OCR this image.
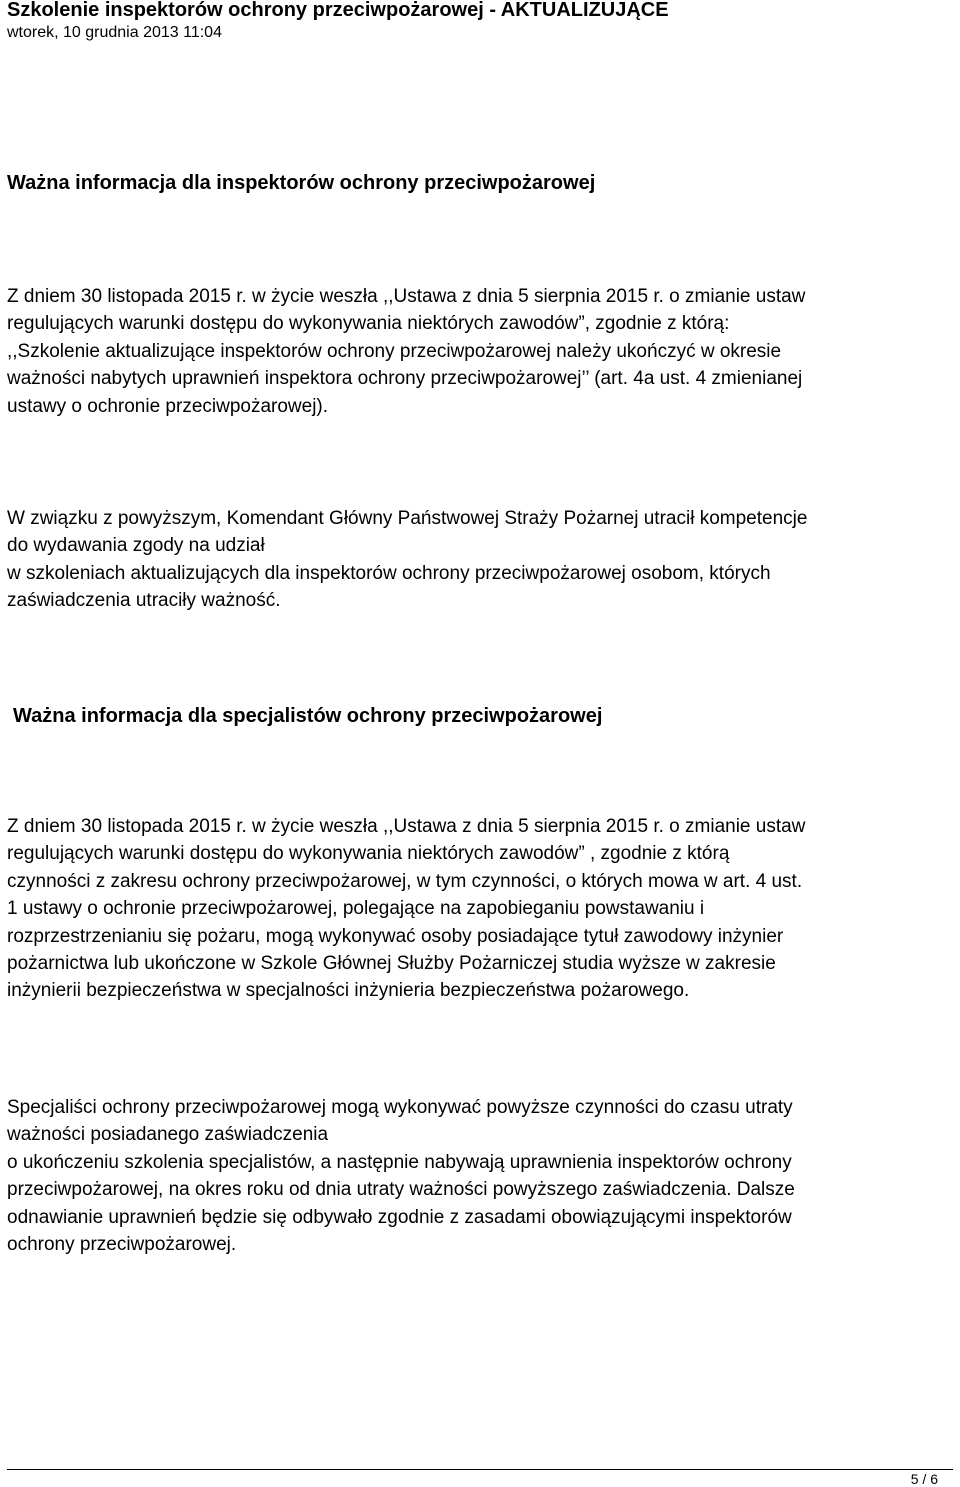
Szkolenie inspektorów ochrony przeciwpożarowej - AKTUALIZUJĄCE
wtorek, 10 grudnia 2013 11:04
Ważna informacja dla inspektorów ochrony przeciwpożarowej
Z dniem 30 listopada 2015 r. w życie weszła ,,Ustawa z dnia 5 sierpnia 2015 r. o zmianie ustaw
regulujących warunki dostępu do wykonywania niektórych zawodów”, zgodnie z którą:
,,Szkolenie aktualizujące inspektorów ochrony przeciwpożarowej należy ukończyć w okresie
ważności nabytych uprawnień inspektora ochrony przeciwpożarowej’’ (art. 4a ust. 4 zmienianej
ustawy o ochronie przeciwpożarowej).
W związku z powyższym, Komendant Główny Państwowej Straży Pożarnej utracił kompetencje
do wydawania zgody na udział
w szkoleniach aktualizujących dla inspektorów ochrony przeciwpożarowej osobom, których
zaświadczenia utraciły ważność.
Ważna informacja dla specjalistów ochrony przeciwpożarowej
Z dniem 30 listopada 2015 r. w życie weszła ,,Ustawa z dnia 5 sierpnia 2015 r. o zmianie ustaw
regulujących warunki dostępu do wykonywania niektórych zawodów” , zgodnie z którą
czynności z zakresu ochrony przeciwpożarowej, w tym czynności, o których mowa w art. 4 ust.
1 ustawy o ochronie przeciwpożarowej, polegające na zapobieganiu powstawaniu i
rozprzestrzenianiu się pożaru, mogą wykonywać osoby posiadające tytuł zawodowy inżynier
pożarnictwa lub ukończone w Szkole Głównej Służby Pożarniczej studia wyższe w zakresie
inżynierii bezpieczeństwa w specjalności inżynieria bezpieczeństwa pożarowego.
Specjaliści ochrony przeciwpożarowej mogą wykonywać powyższe czynności do czasu utraty
ważności posiadanego zaświadczenia
o ukończeniu szkolenia specjalistów, a następnie nabywają uprawnienia inspektorów ochrony
przeciwpożarowej, na okres roku od dnia utraty ważności powyższego zaświadczenia. Dalsze
odnawianie uprawnień będzie się odbywało zgodnie z zasadami obowiązującymi inspektorów
ochrony przeciwpożarowej.
5 / 6
